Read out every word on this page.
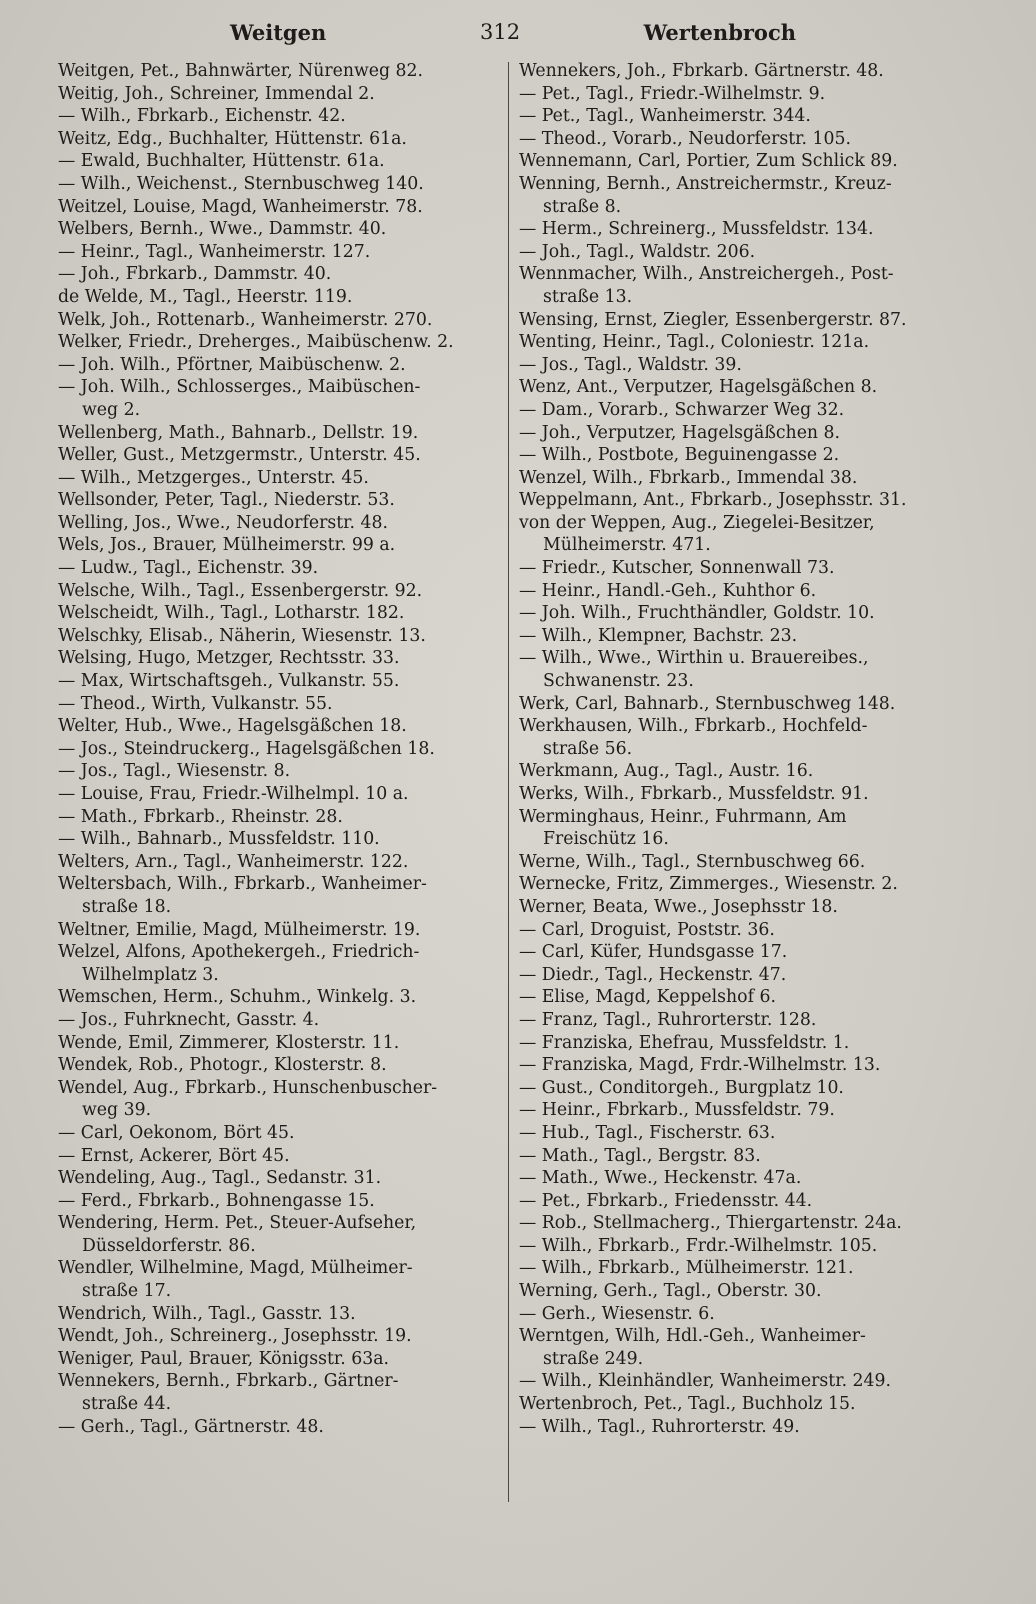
Weitgen	312	Wertenbroch
Weitgen, Pet., Bahnwärter, Nürenweg 82.
Weitig, Joh., Schreiner, Immendal 2.
— Wilh., Fbrkarb., Eichenstr. 42.
Weitz, Edg., Buchhalter, Hüttenstr. 61a.
— Ewald, Buchhalter, Hüttenstr. 61a.
— Wilh., Weichenst., Sternbuschweg 140.
Weitzel, Louise, Magd, Wanheimerstr. 78.
Welbers, Bernh., Wwe., Dammstr. 40.
— Heinr., Tagl., Wanheimerstr. 127.
— Joh., Fbrkarb., Dammstr. 40.
de Welde, M., Tagl., Heerstr. 119.
Welk, Joh., Rottenarb., Wanheimerstr. 270.
Welker, Friedr., Dreherges., Maibüschenw. 2.
— Joh. Wilh., Pförtner, Maibüschenw. 2.
— Joh. Wilh., Schlosserges., Maibüschen-
weg 2.
Wellenberg, Math., Bahnarb., Dellstr. 19.
Weller, Gust., Metzgermstr., Unterstr. 45.
— Wilh., Metzgerges., Unterstr. 45.
Wellsonder, Peter, Tagl., Niederstr. 53.
Welling, Jos., Wwe., Neudorferstr. 48.
Wels, Jos., Brauer, Mülheimerstr. 99 a.
— Ludw., Tagl., Eichenstr. 39.
Welsche, Wilh., Tagl., Essenbergerstr. 92.
Welscheidt, Wilh., Tagl., Lotharstr. 182.
Welschky, Elisab., Näherin, Wiesenstr. 13.
Welsing, Hugo, Metzger, Rechtsstr. 33.
— Max, Wirtschaftsgeh., Vulkanstr. 55.
— Theod., Wirth, Vulkanstr. 55.
Welter, Hub., Wwe., Hagelsgäßchen 18.
— Jos., Steindruckerg., Hagelsgäßchen 18.
— Jos., Tagl., Wiesenstr. 8.
— Louise, Frau, Friedr.-Wilhelmpl. 10 a.
— Math., Fbrkarb., Rheinstr. 28.
— Wilh., Bahnarb., Mussfeldstr. 110.
Welters, Arn., Tagl., Wanheimerstr. 122.
Weltersbach, Wilh., Fbrkarb., Wanheimer-
straße 18.
Weltner, Emilie, Magd, Mülheimerstr. 19.
Welzel, Alfons, Apothekergeh., Friedrich-
Wilhelmplatz 3.
Wemschen, Herm., Schuhm., Winkelg. 3.
— Jos., Fuhrknecht, Gasstr. 4.
Wende, Emil, Zimmerer, Klosterstr. 11.
Wendek, Rob., Photogr., Klosterstr. 8.
Wendel, Aug., Fbrkarb., Hunschenbuscher-
weg 39.
— Carl, Oekonom, Bört 45.
— Ernst, Ackerer, Bört 45.
Wendeling, Aug., Tagl., Sedanstr. 31.
— Ferd., Fbrkarb., Bohnengasse 15.
Wendering, Herm. Pet., Steuer-Aufseher,
Düsseldorferstr. 86.
Wendler, Wilhelmine, Magd, Mülheimer-
straße 17.
Wendrich, Wilh., Tagl., Gasstr. 13.
Wendt, Joh., Schreinerg., Josephsstr. 19.
Weniger, Paul, Brauer, Königsstr. 63a.
Wennekers, Bernh., Fbrkarb., Gärtner-
straße 44.
— Gerh., Tagl., Gärtnerstr. 48.
Wennekers, Joh., Fbrkarb. Gärtnerstr. 48.
— Pet., Tagl., Friedr.-Wilhelmstr. 9.
— Pet., Tagl., Wanheimerstr. 344.
— Theod., Vorarb., Neudorferstr. 105.
Wennemann, Carl, Portier, Zum Schlick 89.
Wenning, Bernh., Anstreichermstr., Kreuz-
straße 8.
— Herm., Schreinerg., Mussfeldstr. 134.
— Joh., Tagl., Waldstr. 206.
Wennmacher, Wilh., Anstreichergeh., Post-
straße 13.
Wensing, Ernst, Ziegler, Essenbergerstr. 87.
Wenting, Heinr., Tagl., Coloniestr. 121a.
— Jos., Tagl., Waldstr. 39.
Wenz, Ant., Verputzer, Hagelsgäßchen 8.
— Dam., Vorarb., Schwarzer Weg 32.
— Joh., Verputzer, Hagelsgäßchen 8.
— Wilh., Postbote, Beguinengasse 2.
Wenzel, Wilh., Fbrkarb., Immendal 38.
Weppelmann, Ant., Fbrkarb., Josephsstr. 31.
von der Weppen, Aug., Ziegelei-Besitzer,
Mülheimerstr. 471.
— Friedr., Kutscher, Sonnenwall 73.
— Heinr., Handl.-Geh., Kuhthor 6.
— Joh. Wilh., Fruchthändler, Goldstr. 10.
— Wilh., Klempner, Bachstr. 23.
— Wilh., Wwe., Wirthin u. Brauereibes.,
Schwanenstr. 23.
Werk, Carl, Bahnarb., Sternbuschweg 148.
Werkhausen, Wilh., Fbrkarb., Hochfeld-
straße 56.
Werkmann, Aug., Tagl., Austr. 16.
Werks, Wilh., Fbrkarb., Mussfeldstr. 91.
Werminghaus, Heinr., Fuhrmann, Am
Freischütz 16.
Werne, Wilh., Tagl., Sternbuschweg 66.
Wernecke, Fritz, Zimmerges., Wiesenstr. 2.
Werner, Beata, Wwe., Josephsstr 18.
— Carl, Droguist, Poststr. 36.
— Carl, Küfer, Hundsgasse 17.
— Diedr., Tagl., Heckenstr. 47.
— Elise, Magd, Keppelshof 6.
— Franz, Tagl., Ruhrorterstr. 128.
— Franziska, Ehefrau, Mussfeldstr. 1.
— Franziska, Magd, Frdr.-Wilhelmstr. 13.
— Gust., Conditorgeh., Burgplatz 10.
— Heinr., Fbrkarb., Mussfeldstr. 79.
— Hub., Tagl., Fischerstr. 63.
— Math., Tagl., Bergstr. 83.
— Math., Wwe., Heckenstr. 47a.
— Pet., Fbrkarb., Friedensstr. 44.
— Rob., Stellmacherg., Thiergartenstr. 24a.
— Wilh., Fbrkarb., Frdr.-Wilhelmstr. 105.
— Wilh., Fbrkarb., Mülheimerstr. 121.
Werning, Gerh., Tagl., Oberstr. 30.
— Gerh., Wiesenstr. 6.
Werntgen, Wilh, Hdl.-Geh., Wanheimer-
straße 249.
— Wilh., Kleinhändler, Wanheimerstr. 249.
Wertenbroch, Pet., Tagl., Buchholz 15.
— Wilh., Tagl., Ruhrorterstr. 49.
